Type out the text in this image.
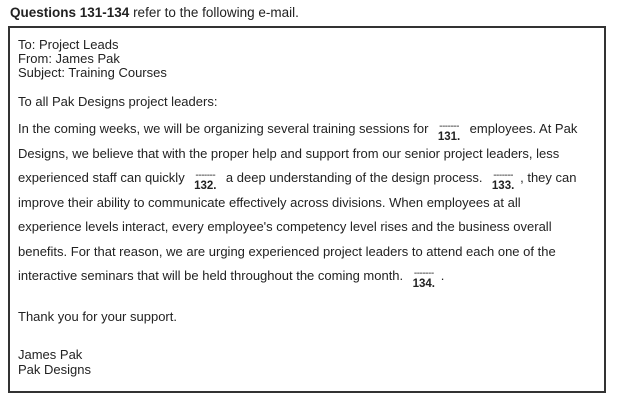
Questions 131-134 refer to the following e-mail.
To: Project Leads
From: James Pak
Subject: Training Courses
To all Pak Designs project leaders:
In the coming weeks, we will be organizing several training sessions for -------
131.
employees. At Pak
Designs, we believe that with the proper help and support from our senior project leaders, less
experienced staff can quickly -------
132.
a deep understanding of the design process. -------
133.
, they can
improve their ability to communicate effectively across divisions. When employees at all
experience levels interact, every employee's competency level rises and the business overall
benefits. For that reason, we are urging experienced project leaders to attend each one of the
interactive seminars that will be held throughout the coming month. -------
134.
.
Thank you for your support.
James Pak
Pak Designs
